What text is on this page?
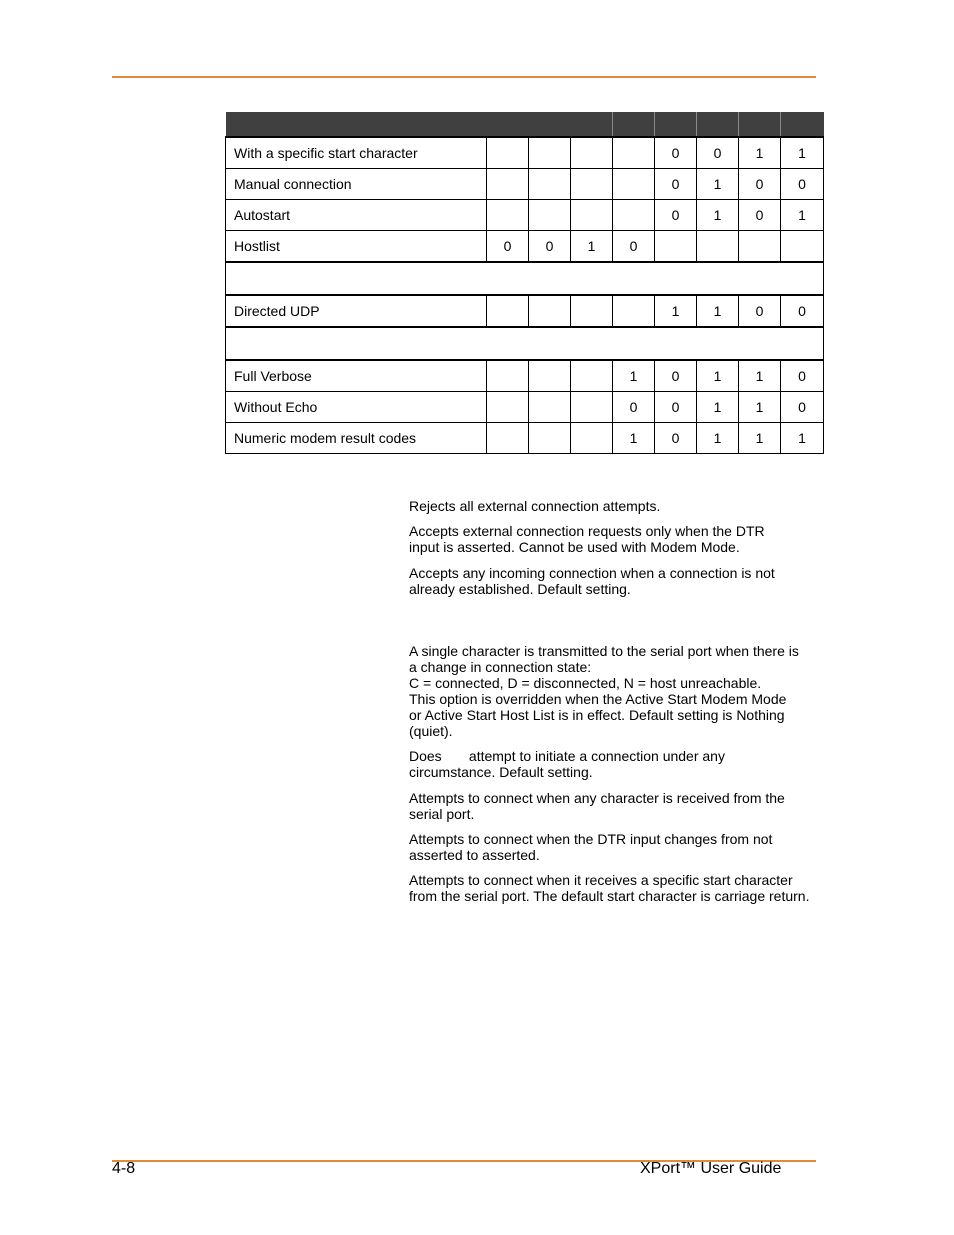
With a specific start character					0	0	1	1
Manual connection					0	1	0	0
Autostart					0	1	0	1
Hostlist	0	0	1	0				

Directed UDP					1	1	0	0

Full Verbose				1	0	1	1	0
Without Echo				0	0	1	1	0
Numeric modem result codes				1	0	1	1	1

Rejects all external connection attempts.

Accepts external connection requests only when the DTR input is asserted. Cannot be used with Modem Mode.

Accepts any incoming connection when a connection is not already established. Default setting.

A single character is transmitted to the serial port when there is a change in connection state:

C = connected, D = disconnected, N = host unreachable.

This option is overridden when the Active Start Modem Mode or Active Start Host List is in effect. Default setting is Nothing (quiet).

Does       attempt to initiate a connection under any circumstance. Default setting.

Attempts to connect when any character is received from the serial port.

Attempts to connect when the DTR input changes from not asserted to asserted.

Attempts to connect when it receives a specific start character from the serial port. The default start character is carriage return.

4-8	XPort™ User Guide
